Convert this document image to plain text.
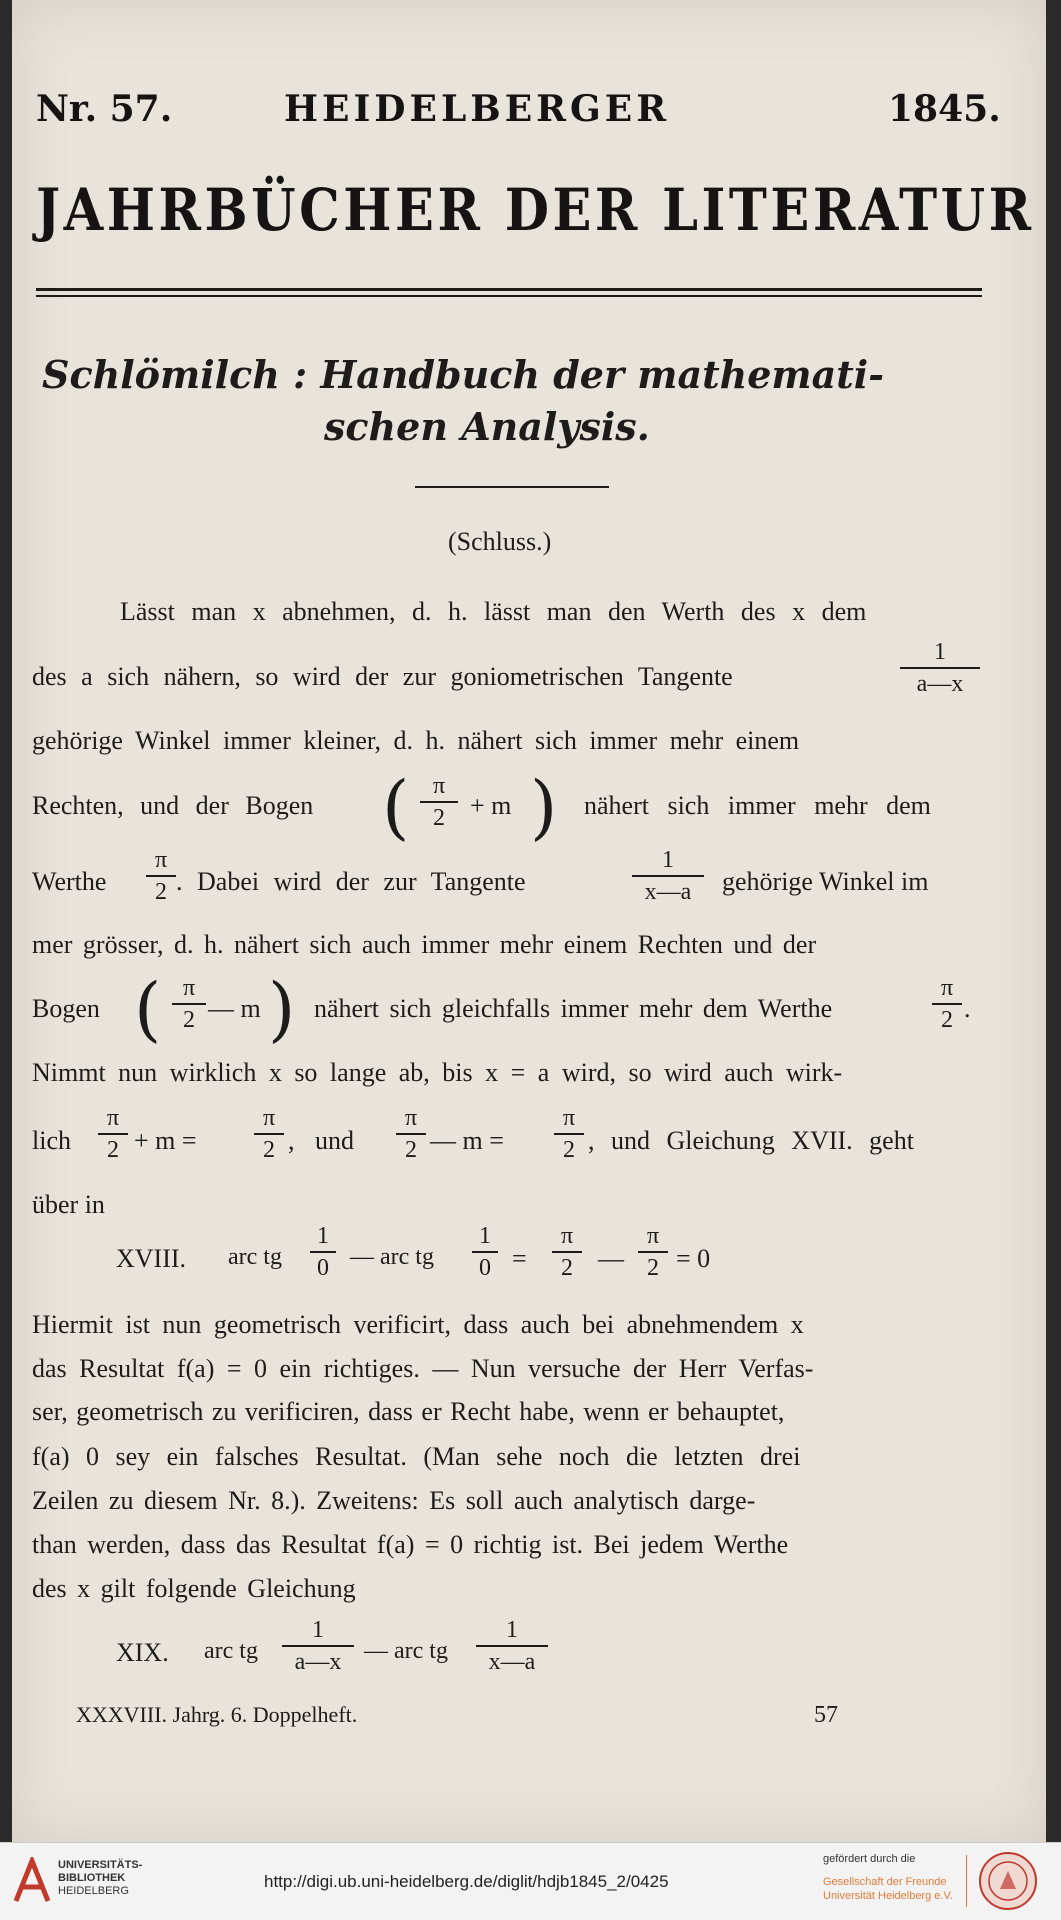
Nr. 57.	HEIDELBERGER	1845.
JAHRBÜCHER DER LITERATUR
Schlömilch : Handbuch der mathemati-
schen Analysis.
(Schluss.)
Lässt man x abnehmen, d. h. lässt man den Werth des x dem
des a sich nähern, so wird der zur goniometrischen Tangente
1
a—x
gehörige Winkel immer kleiner, d. h. nähert sich immer mehr einem
Rechten, und der Bogen ( π
2 + m ) nähert sich immer mehr dem
Werthe
π
2 . Dabei wird der zur Tangente
1
x—a	gehörige Winkel im
mer grösser, d. h. nähert sich auch immer mehr einem Rechten und der
Bogen ( π
2 — m ) nähert sich gleichfalls immer mehr dem Werthe
π
2 .
Nimmt nun wirklich x so lange ab, bis x = a wird, so wird auch wirk-
lich
π
2 + m =
π
2 , und
π
2 — m =
π
2 , und Gleichung XVII. geht
über in
XVIII. arc tg
1
0 — arc tg
1
0 =
π
2 —
π
2 = 0
Hiermit ist nun geometrisch verificirt, dass auch bei abnehmendem x
das Resultat f(a) = 0 ein richtiges. — Nun versuche der Herr Verfas-
ser, geometrisch zu verificiren, dass er Recht habe, wenn er behauptet,
f(a) 0 sey ein falsches Resultat. (Man sehe noch die letzten drei
Zeilen zu diesem Nr. 8.). Zweitens: Es soll auch analytisch darge-
than werden, dass das Resultat f(a) = 0 richtig ist. Bei jedem Werthe
des x gilt folgende Gleichung
XIX. arc tg
1
a—x — arc tg
1
x—a
XXXVIII. Jahrg. 6. Doppelheft.	57
UNIVERSITÄTS-
BIBLIOTHEK
HEIDELBERG	http://digi.ub.uni-heidelberg.de/diglit/hdjb1845_2/0425
gefördert durch die
Gesellschaft der Freunde
Universität Heidelberg e.V.
